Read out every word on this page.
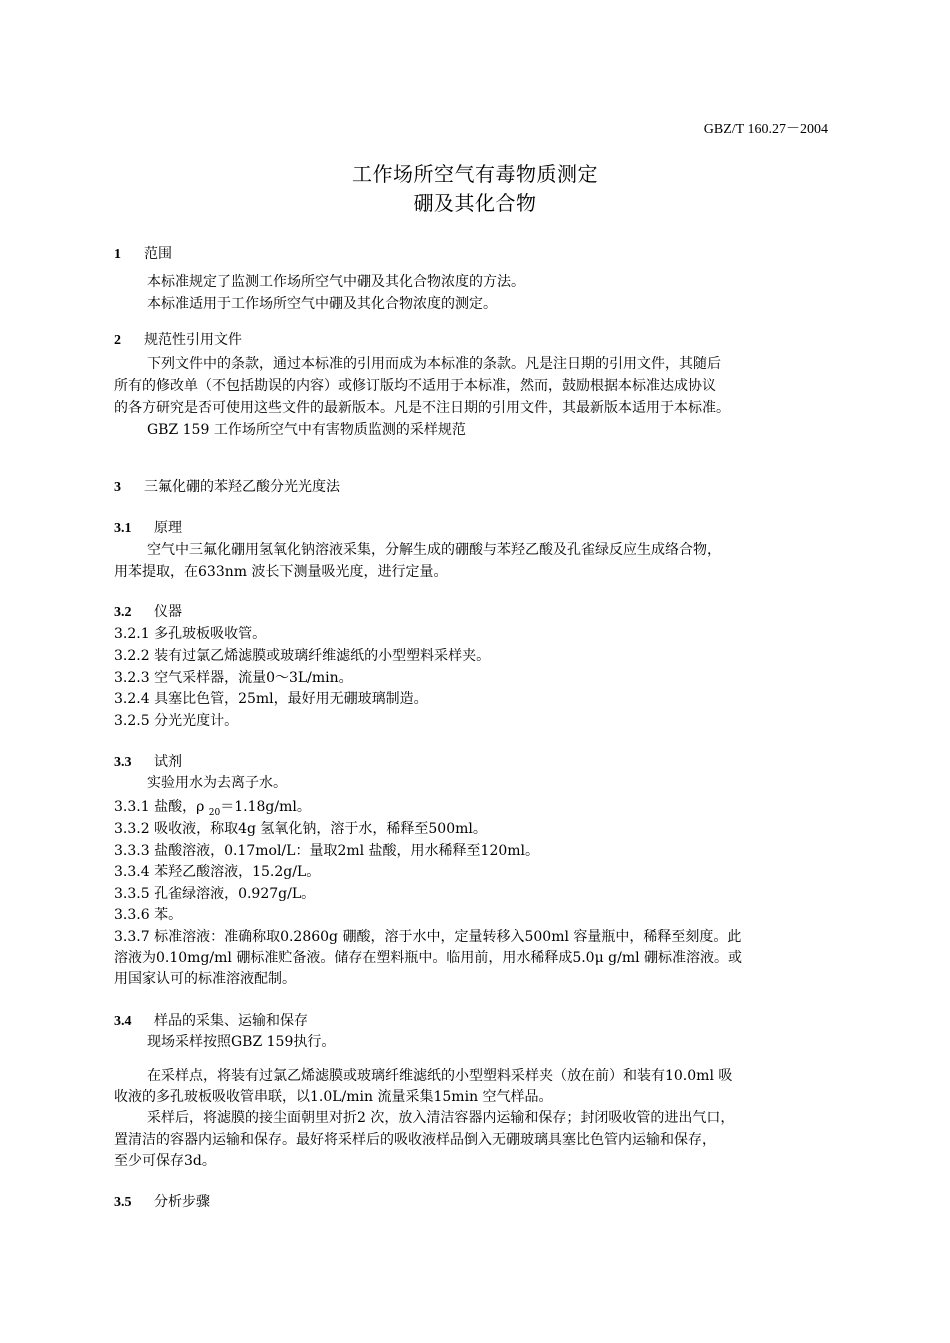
GBZ/T 160.27－2004
工作场所空气有毒物质测定
硼及其化合物
1	范围
本标准规定了监测工作场所空气中硼及其化合物浓度的方法。
本标准适用于工作场所空气中硼及其化合物浓度的测定。
2	规范性引用文件
下列文件中的条款，通过本标准的引用而成为本标准的条款。凡是注日期的引用文件，其随后
所有的修改单（不包括勘误的内容）或修订版均不适用于本标准，然而，鼓励根据本标准达成协议
的各方研究是否可使用这些文件的最新版本。凡是不注日期的引用文件，其最新版本适用于本标准。
GBZ 159 工作场所空气中有害物质监测的采样规范
3	三氟化硼的苯羟乙酸分光光度法
3.1	原理
空气中三氟化硼用氢氧化钠溶液采集，分解生成的硼酸与苯羟乙酸及孔雀绿反应生成络合物，
用苯提取，在633nm 波长下测量吸光度，进行定量。
3.2	仪器
3.2.1 多孔玻板吸收管。
3.2.2 装有过氯乙烯滤膜或玻璃纤维滤纸的小型塑料采样夹。
3.2.3 空气采样器，流量0～3L/min。
3.2.4 具塞比色管，25ml，最好用无硼玻璃制造。
3.2.5 分光光度计。
3.3	试剂
实验用水为去离子水。
3.3.1 盐酸，ρ $_{20}$＝1.18g/ml。
3.3.2 吸收液，称取4g 氢氧化钠，溶于水，稀释至500ml。
3.3.3 盐酸溶液，0.17mol/L：量取2ml 盐酸，用水稀释至120ml。
3.3.4 苯羟乙酸溶液，15.2g/L。
3.3.5 孔雀绿溶液，0.927g/L。
3.3.6 苯。
3.3.7 标准溶液：准确称取0.2860g 硼酸，溶于水中，定量转移入500ml 容量瓶中，稀释至刻度。此
溶液为0.10mg/ml 硼标准贮备液。储存在塑料瓶中。临用前，用水稀释成5.0μ g/ml 硼标准溶液。或
用国家认可的标准溶液配制。
3.4	样品的采集、运输和保存
现场采样按照GBZ 159执行。
在采样点，将装有过氯乙烯滤膜或玻璃纤维滤纸的小型塑料采样夹（放在前）和装有10.0ml 吸
收液的多孔玻板吸收管串联，以1.0L/min 流量采集15min 空气样品。
采样后，将滤膜的接尘面朝里对折2 次，放入清洁容器内运输和保存；封闭吸收管的进出气口，
置清洁的容器内运输和保存。最好将采样后的吸收液样品倒入无硼玻璃具塞比色管内运输和保存，
至少可保存3d。
3.5	分析步骤
